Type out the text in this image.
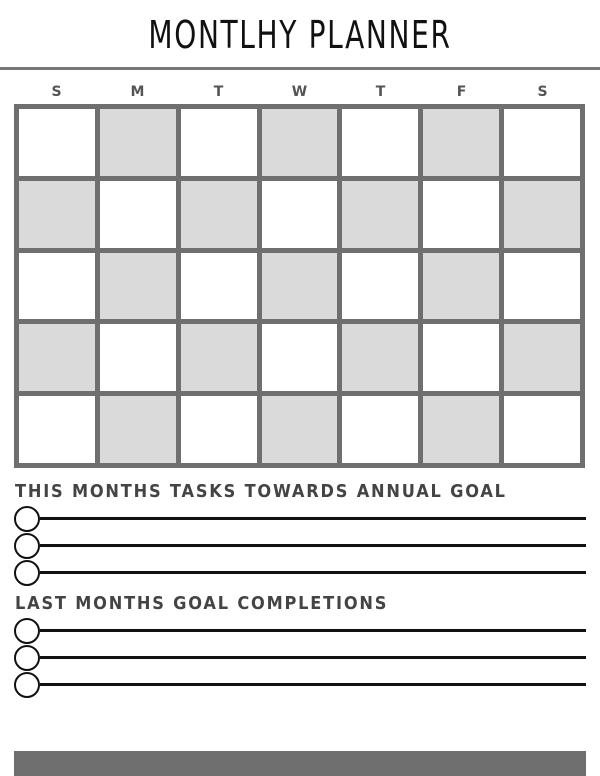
MONTLHY PLANNER
S	M	T	W	T	F	S
THIS MONTHS TASKS TOWARDS ANNUAL GOAL
LAST MONTHS GOAL COMPLETIONS
